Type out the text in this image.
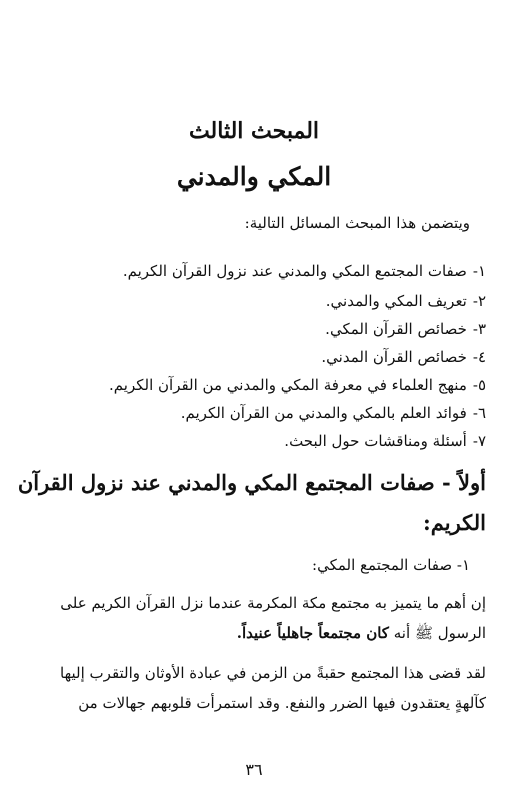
المبحث الثالث
المكي والمدني
ويتضمن هذا المبحث المسائل التالية:
١-صفات المجتمع المكي والمدني عند نزول القرآن الكريم.
٢-تعريف المكي والمدني.
٣-خصائص القرآن المكي.
٤-خصائص القرآن المدني.
٥-منهج العلماء في معرفة المكي والمدني من القرآن الكريم.
٦-فوائد العلم بالمكي والمدني من القرآن الكريم.
٧-أسئلة ومناقشات حول البحث.
أولاً - صفات المجتمع المكي والمدني عند نزول القرآن
الكريم:
١- صفات المجتمع المكي:
إن أهم ما يتميز به مجتمع مكة المكرمة عندما نزل القرآن الكريم على
الرسول ﷺ أنه كان مجتمعاً جاهلياً عنيداً.
لقد قضى هذا المجتمع حقبةً من الزمن في عبادة الأوثان والتقرب إليها
كآلهةٍ يعتقدون فيها الضرر والنفع. وقد استمرأت قلوبهم جهالات من
٣٦
